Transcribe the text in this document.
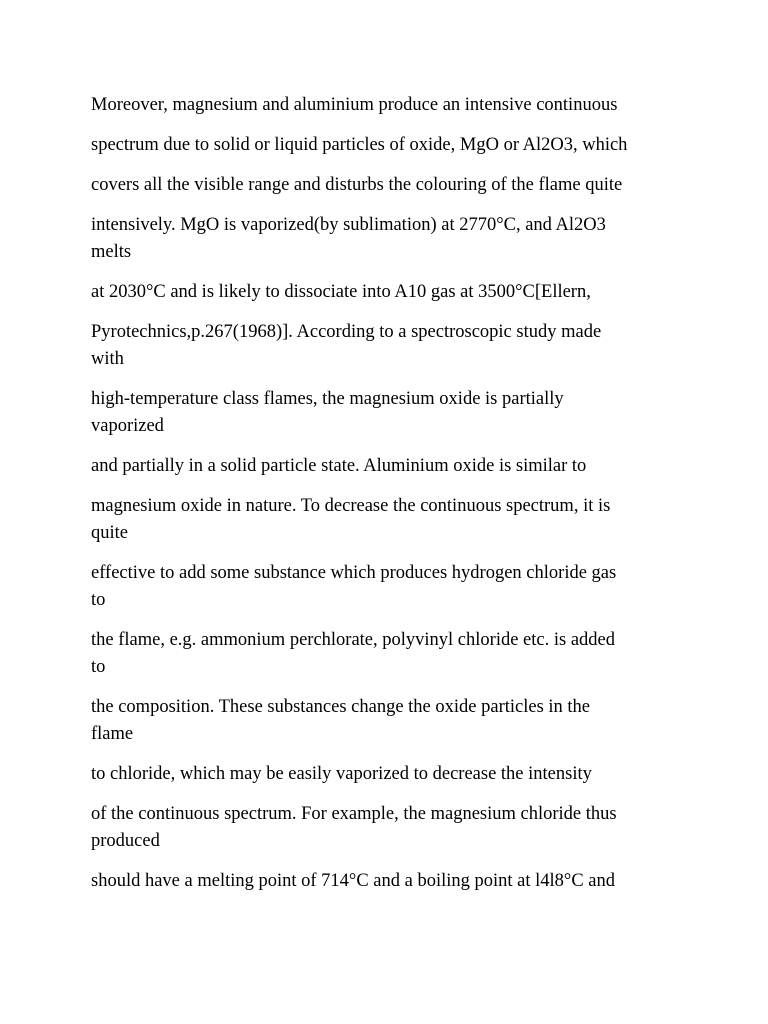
Moreover, magnesium and aluminium produce an intensive continuous

spectrum due to solid or liquid particles of oxide, MgO or Al2O3, which

covers all the visible range and disturbs the colouring of the flame quite

intensively. MgO is vaporized(by sublimation) at 2770°C, and Al2O3
melts

at 2030°C and is likely to dissociate into A10 gas at 3500°C[Ellern,

Pyrotechnics,p.267(1968)]. According to a spectroscopic study made
with

high-temperature class flames, the magnesium oxide is partially
vaporized

and partially in a solid particle state. Aluminium oxide is similar to

magnesium oxide in nature. To decrease the continuous spectrum, it is
quite

effective to add some substance which produces hydrogen chloride gas
to

the flame, e.g. ammonium perchlorate, polyvinyl chloride etc. is added
to

the composition. These substances change the oxide particles in the
flame

to chloride, which may be easily vaporized to decrease the intensity

of the continuous spectrum. For example, the magnesium chloride thus
produced

should have a melting point of 714°C and a boiling point at l4l8°C and
